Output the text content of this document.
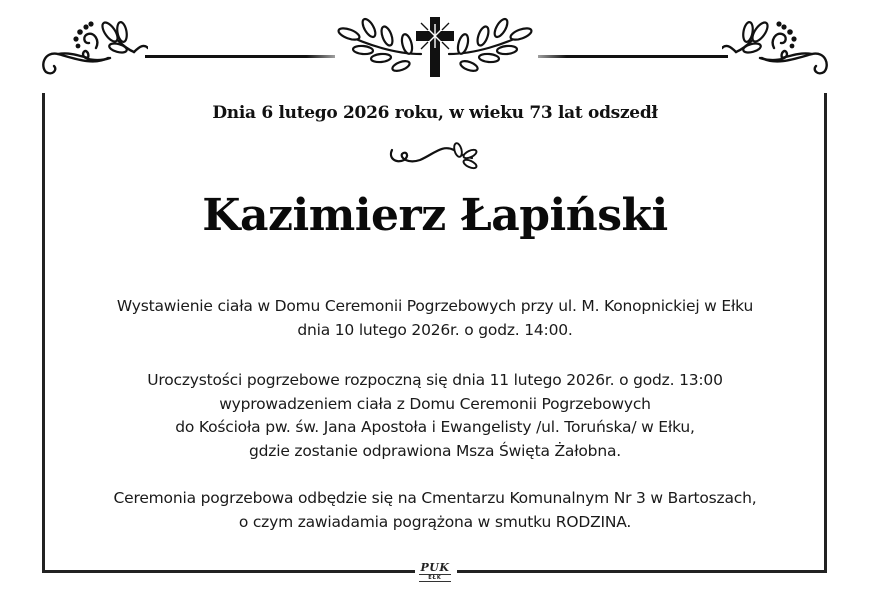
Dnia 6 lutego 2026 roku, w wieku 73 lat odszedł
Kazimierz Łapiński
Wystawienie ciała w Domu Ceremonii Pogrzebowych przy ul. M. Konopnickiej w Ełku
dnia 10 lutego 2026r. o godz. 14:00.
Uroczystości pogrzebowe rozpoczną się dnia 11 lutego 2026r. o godz. 13:00
wyprowadzeniem ciała z Domu Ceremonii Pogrzebowych
do Kościoła pw. św. Jana Apostoła i Ewangelisty /ul. Toruńska/ w Ełku,
gdzie zostanie odprawiona Msza Święta Żałobna.
Ceremonia pogrzebowa odbędzie się na Cmentarzu Komunalnym Nr 3 w Bartoszach,
o czym zawiadamia pogrążona w smutku RODZINA.
PUK
EŁK
